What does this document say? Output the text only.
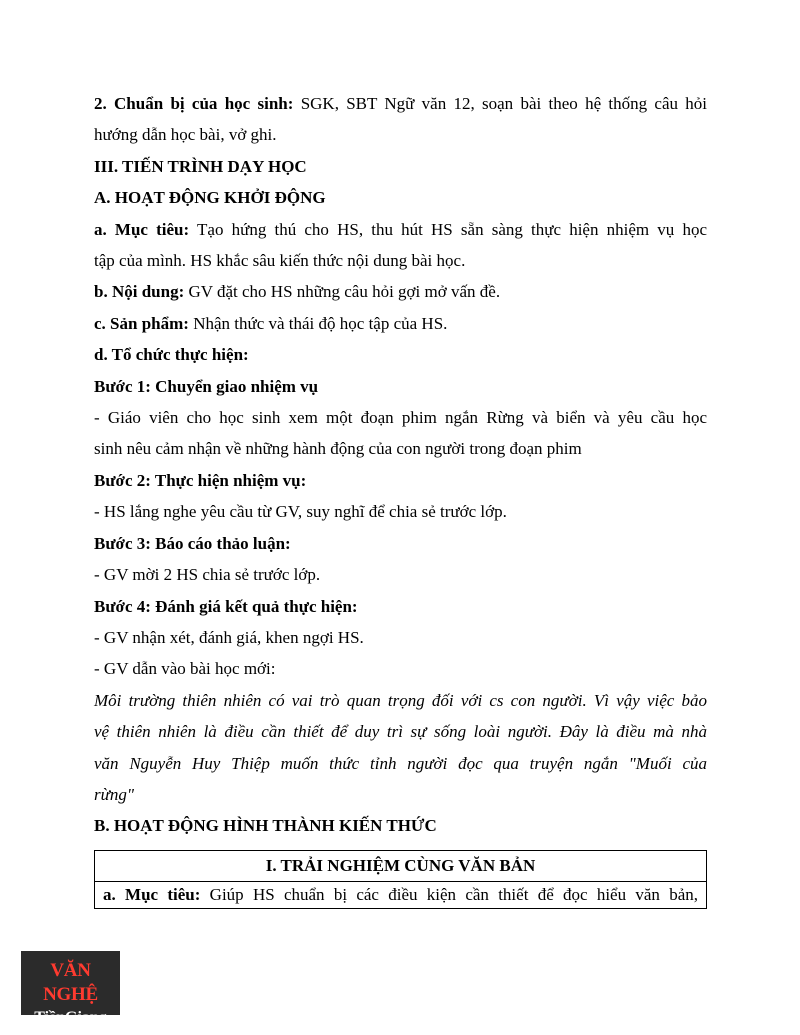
2. Chuẩn bị của học sinh: SGK, SBT Ngữ văn 12, soạn bài theo hệ thống câu hỏi

hướng dẫn học bài, vở ghi.

III. TIẾN TRÌNH DẠY HỌC

A. HOẠT ĐỘNG KHỞI ĐỘNG

a. Mục tiêu: Tạo hứng thú cho HS, thu hút HS sẵn sàng thực hiện nhiệm vụ học

tập của mình. HS khắc sâu kiến thức nội dung bài học.

b. Nội dung: GV đặt cho HS những câu hỏi gợi mở vấn đề.

c. Sản phẩm: Nhận thức và thái độ học tập của HS.

d. Tổ chức thực hiện:

Bước 1: Chuyển giao nhiệm vụ

- Giáo viên cho học sinh xem một đoạn phim ngắn Rừng và biển và yêu cầu học

sinh nêu cảm nhận về những hành động của con người trong đoạn phim

Bước 2: Thực hiện nhiệm vụ:

- HS lắng nghe yêu cầu từ GV, suy nghĩ để chia sẻ trước lớp.

Bước 3: Báo cáo thảo luận:

- GV mời 2 HS chia sẻ trước lớp.

Bước 4: Đánh giá kết quả thực hiện:

- GV nhận xét, đánh giá, khen ngợi HS.

- GV dẫn vào bài học mới:

Môi trường thiên nhiên có vai trò quan trọng đối với cs con người. Vì vậy việc bảo

vệ thiên nhiên là điều cần thiết để duy trì sự sống loài người. Đây là điều mà nhà

văn Nguyễn Huy Thiệp muốn thức tỉnh người đọc qua truyện ngắn "Muối của

rừng"

B. HOẠT ĐỘNG HÌNH THÀNH KIẾN THỨC

I. TRẢI NGHIỆM CÙNG VĂN BẢN
a. Mục tiêu: Giúp HS chuẩn bị các điều kiện cần thiết để đọc hiểu văn bản,
VĂN NGHỆ
TiềnGiang
